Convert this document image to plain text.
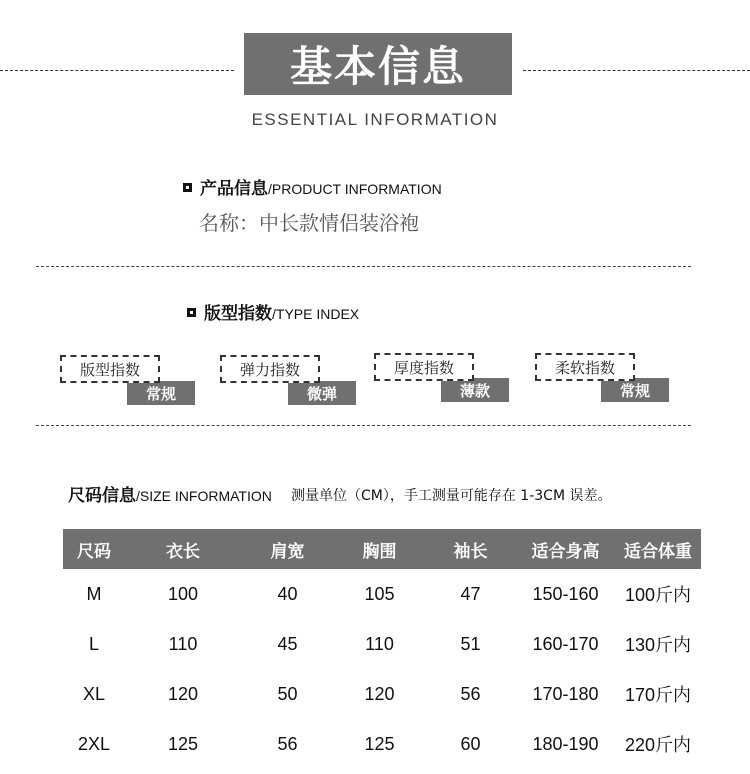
基本信息
ESSENTIAL INFORMATION
产品信息 /PRODUCT INFORMATION
名称：中长款情侣装浴袍
版型指数 /TYPE INDEX
版型指数
常规
弹力指数
微弹
厚度指数
薄款
柔软指数
常规
尺码信息 /SIZE INFORMATION 测量单位（CM），手工测量可能存在 1-3CM 误差。
尺码	衣长	肩宽	胸围	袖长	适合身高	适合体重
M	100	40	105	47	150-160	100斤内
L	110	45	110	51	160-170	130斤内
XL	120	50	120	56	170-180	170斤内
2XL	125	56	125	60	180-190	220斤内
